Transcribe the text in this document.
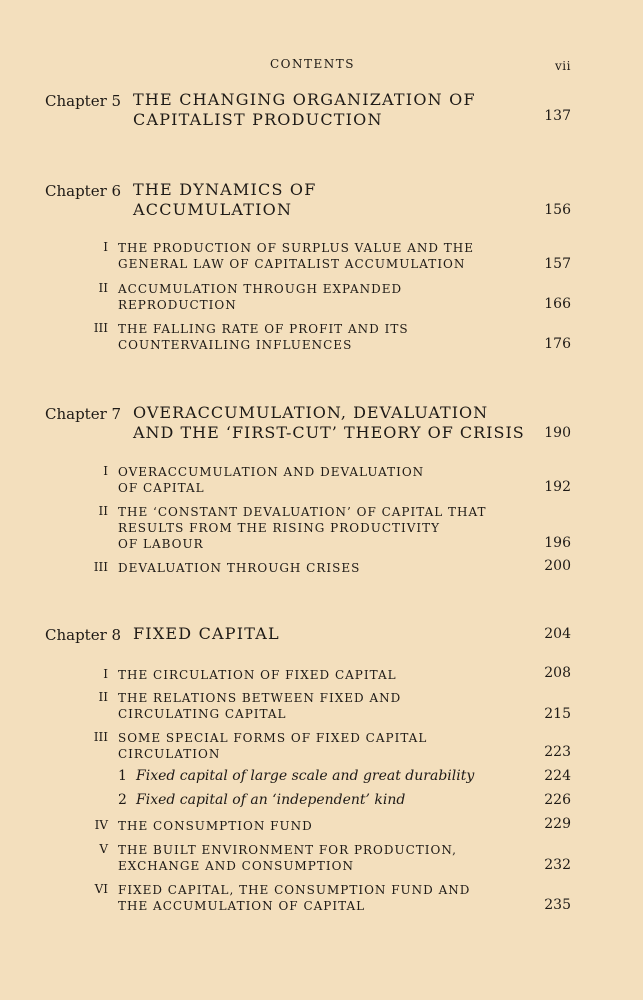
CONTENTS	vii
Chapter 5 THE CHANGING ORGANIZATION OF
CAPITALIST PRODUCTION	137
Chapter 6 THE DYNAMICS OF
ACCUMULATION	156
I THE PRODUCTION OF SURPLUS VALUE AND THE
GENERAL LAW OF CAPITALIST ACCUMULATION	157
II ACCUMULATION THROUGH EXPANDED
REPRODUCTION	166
III THE FALLING RATE OF PROFIT AND ITS
COUNTERVAILING INFLUENCES	176
Chapter 7 OVERACCUMULATION, DEVALUATION
AND THE ‘FIRST-CUT’ THEORY OF CRISIS	190
I OVERACCUMULATION AND DEVALUATION
OF CAPITAL	192
II THE ‘CONSTANT DEVALUATION’ OF CAPITAL THAT
RESULTS FROM THE RISING PRODUCTIVITY
OF LABOUR	196
III DEVALUATION THROUGH CRISES	200
Chapter 8 FIXED CAPITAL	204
I THE CIRCULATION OF FIXED CAPITAL	208
II THE RELATIONS BETWEEN FIXED AND
CIRCULATING CAPITAL	215
III SOME SPECIAL FORMS OF FIXED CAPITAL
CIRCULATION	223
1 Fixed capital of large scale and great durability	224
2 Fixed capital of an ‘independent’ kind	226
IV THE CONSUMPTION FUND	229
V THE BUILT ENVIRONMENT FOR PRODUCTION,
EXCHANGE AND CONSUMPTION	232
VI FIXED CAPITAL, THE CONSUMPTION FUND AND
THE ACCUMULATION OF CAPITAL	235
